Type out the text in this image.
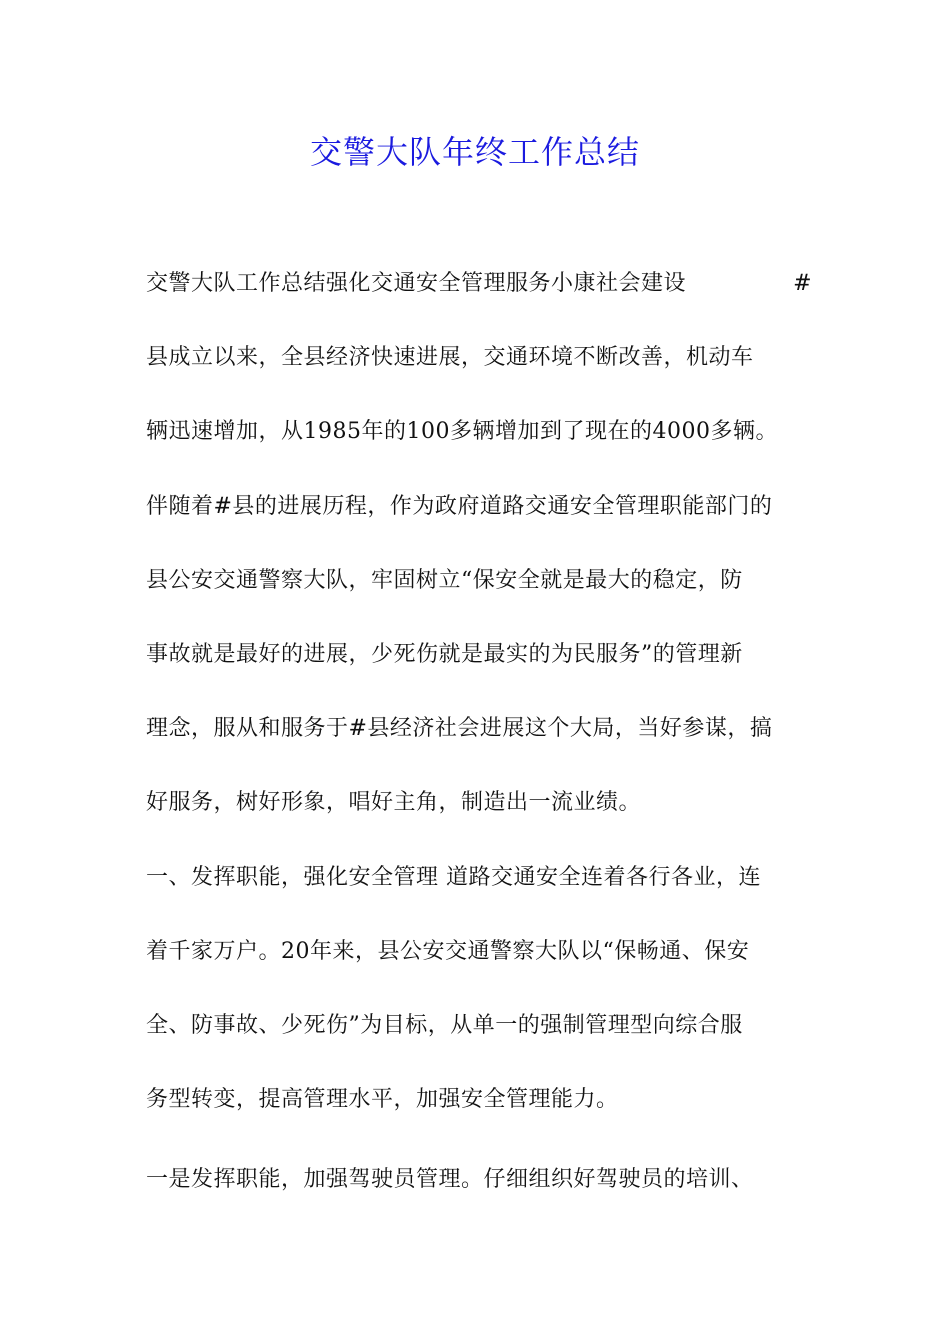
交警大队年终工作总结
交警大队工作总结强化交通安全管理服务小康社会建设	#
县成立以来，全县经济快速进展，交通环境不断改善，机动车
辆迅速增加，从1985年的100多辆增加到了现在的4000多辆。
伴随着#县的进展历程，作为政府道路交通安全管理职能部门的
县公安交通警察大队，牢固树立“保安全就是最大的稳定，防
事故就是最好的进展，少死伤就是最实的为民服务”的管理新
理念，服从和服务于#县经济社会进展这个大局，当好参谋，搞
好服务，树好形象，唱好主角，制造出一流业绩。
一、发挥职能，强化安全管理 道路交通安全连着各行各业，连
着千家万户。20年来，县公安交通警察大队以“保畅通、保安
全、防事故、少死伤”为目标，从单一的强制管理型向综合服
务型转变，提高管理水平，加强安全管理能力。
一是发挥职能，加强驾驶员管理。仔细组织好驾驶员的培训、
